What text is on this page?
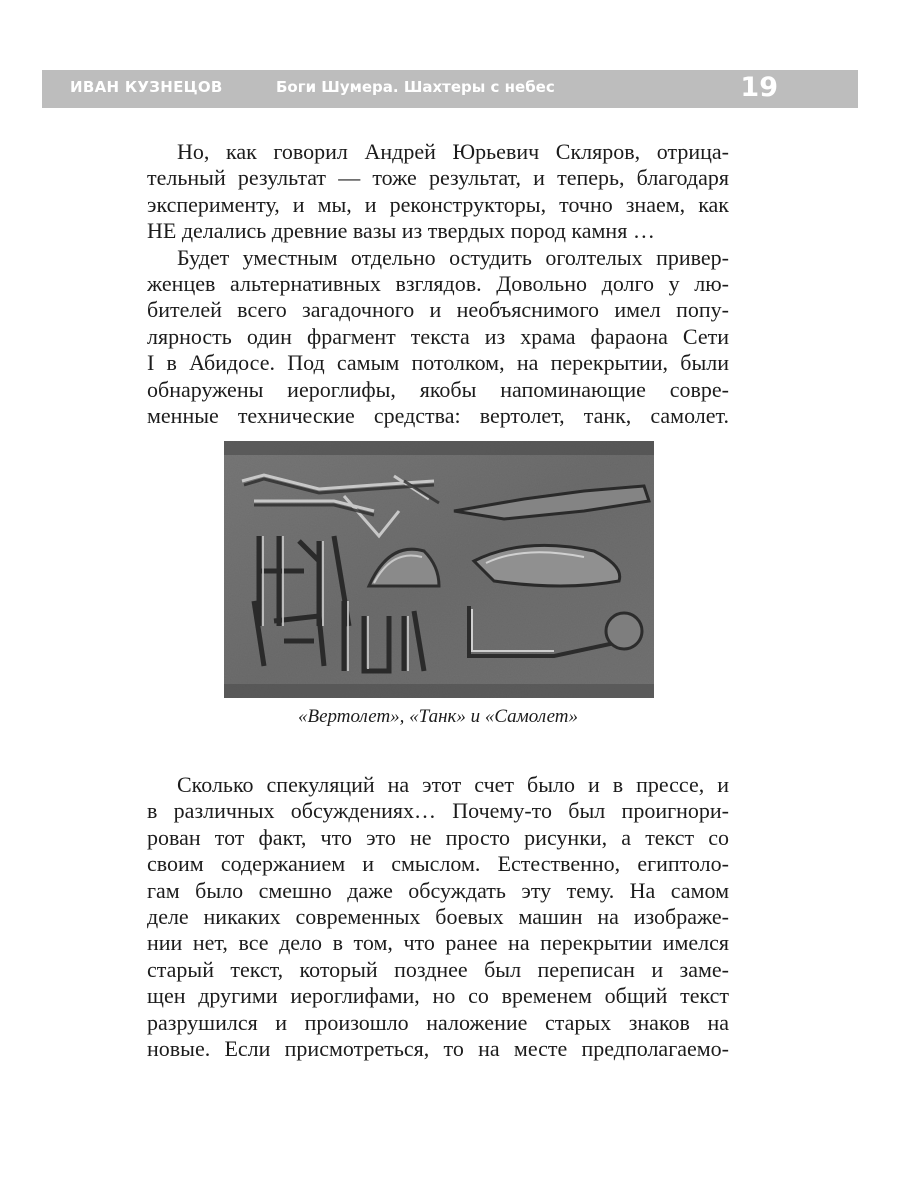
ИВАН КУЗНЕЦОВ	Боги Шумера. Шахтеры с небес	19
Но, как говорил Андрей Юрьевич Скляров, отрица-
тельный результат — тоже результат, и теперь, благодаря
эксперименту, и мы, и реконструкторы, точно знаем, как
НЕ делались древние вазы из твердых пород камня …
Будет уместным отдельно остудить оголтелых привер-
женцев альтернативных взглядов. Довольно долго у лю-
бителей всего загадочного и необъяснимого имел попу-
лярность один фрагмент текста из храма фараона Сети
I в Абидосе. Под самым потолком, на перекрытии, были
обнаружены иероглифы, якобы напоминающие совре-
менные технические средства: вертолет, танк, самолет.
«Вертолет», «Танк» и «Самолет»
Сколько спекуляций на этот счет было и в прессе, и
в различных обсуждениях… Почему-то был проигнори-
рован тот факт, что это не просто рисунки, а текст со
своим содержанием и смыслом. Естественно, египтоло-
гам было смешно даже обсуждать эту тему. На самом
деле никаких современных боевых машин на изображе-
нии нет, все дело в том, что ранее на перекрытии имелся
старый текст, который позднее был переписан и заме-
щен другими иероглифами, но со временем общий текст
разрушился и произошло наложение старых знаков на
новые. Если присмотреться, то на месте предполагаемо-
